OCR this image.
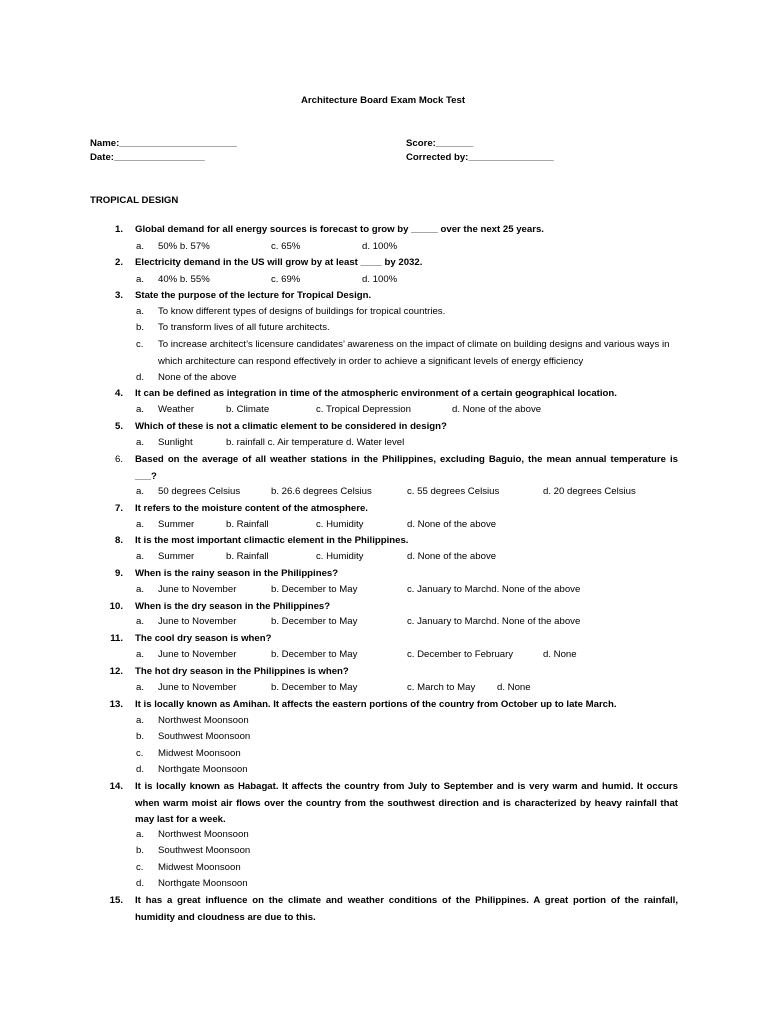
Architecture Board Exam Mock Test
Name:______________________
Date:_________________
Score:_______
Corrected by:________________
TROPICAL DESIGN
1. Global demand for all energy sources is forecast to grow by _____ over the next 25 years.
a. 50% b. 57%	c. 65%	d. 100%
2. Electricity demand in the US will grow by at least ____ by 2032.
a. 40% b. 55%	c. 69%	d. 100%
3. State the purpose of the lecture for Tropical Design.
a. To know different types of designs of buildings for tropical countries.
b. To transform lives of all future architects.
c. To increase architect’s licensure candidates’ awareness on the impact of climate on building designs and various ways in which architecture can respond effectively in order to achieve a significant levels of energy efficiency
d. None of the above
4. It can be defined as integration in time of the atmospheric environment of a certain geographical location.
a. Weather	b. Climate	c. Tropical Depression	d. None of the above
5. Which of these is not a climatic element to be considered in design?
a. Sunlight	b. rainfall c. Air temperature d. Water level
6. Based on the average of all weather stations in the Philippines, excluding Baguio, the mean annual temperature is ___?
a. 50 degrees Celsius	b. 26.6 degrees Celsius	c. 55 degrees Celsius	d. 20 degrees Celsius
7. It refers to the moisture content of the atmosphere.
a. Summer	b. Rainfall	c. Humidity	d. None of the above
8. It is the most important climactic element in the Philippines.
a. Summer	b. Rainfall	c. Humidity	d. None of the above
9. When is the rainy season in the Philippines?
a. June to November	b. December to May	c. January to Marchd. None of the above
10. When is the dry season in the Philippines?
a. June to November	b. December to May	c. January to Marchd. None of the above
11. The cool dry season is when?
a. June to November	b. December to May	c. December to February	d. None
12. The hot dry season in the Philippines is when?
a. June to November	b. December to May	c. March to May d. None
13. It is locally known as Amihan. It affects the eastern portions of the country from October up to late March.
a. Northwest Moonsoon
b. Southwest Moonsoon
c. Midwest Moonsoon
d. Northgate Moonsoon
14. It is locally known as Habagat. It affects the country from July to September and is very warm and humid. It occurs when warm moist air flows over the country from the southwest direction and is characterized by heavy rainfall that may last for a week.
a. Northwest Moonsoon
b. Southwest Moonsoon
c. Midwest Moonsoon
d. Northgate Moonsoon
15. It has a great influence on the climate and weather conditions of the Philippines. A great portion of the rainfall, humidity and cloudness are due to this.
